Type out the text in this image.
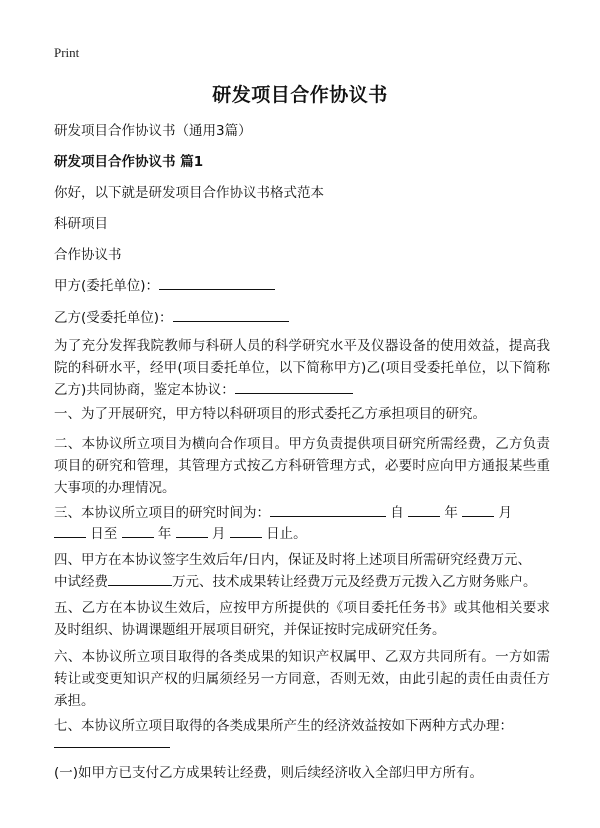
Print
研发项目合作协议书
研发项目合作协议书（通用3篇）
研发项目合作协议书 篇1
你好，以下就是研发项目合作协议书格式范本
科研项目
合作协议书
甲方(委托单位)：
乙方(受委托单位)：
为了充分发挥我院教师与科研人员的科学研究水平及仪器设备的使用效益，提高我院的科研水平，经甲(项目委托单位，以下简称甲方)乙(项目受委托单位，以下简称乙方)共同协商，鉴定本协议：
一、为了开展研究，甲方特以科研项目的形式委托乙方承担项目的研究。
二、本协议所立项目为横向合作项目。甲方负责提供项目研究所需经费，乙方负责项目的研究和管理，其管理方式按乙方科研管理方式，必要时应向甲方通报某些重大事项的办理情况。
三、本协议所立项目的研究时间为：	自	年	月
日至	年	月	日止。
四、甲方在本协议签字生效后年/日内，保证及时将上述项目所需研究经费万元、
中试经费	万元、技术成果转让经费万元及经费万元拨入乙方财务账户。
五、乙方在本协议生效后，应按甲方所提供的《项目委托任务书》或其他相关要求及时组织、协调课题组开展项目研究，并保证按时完成研究任务。
六、本协议所立项目取得的各类成果的知识产权属甲、乙双方共同所有。一方如需转让或变更知识产权的归属须经另一方同意，否则无效，由此引起的责任由责任方承担。
七、本协议所立项目取得的各类成果所产生的经济效益按如下两种方式办理：
(一)如甲方已支付乙方成果转让经费，则后续经济收入全部归甲方所有。
